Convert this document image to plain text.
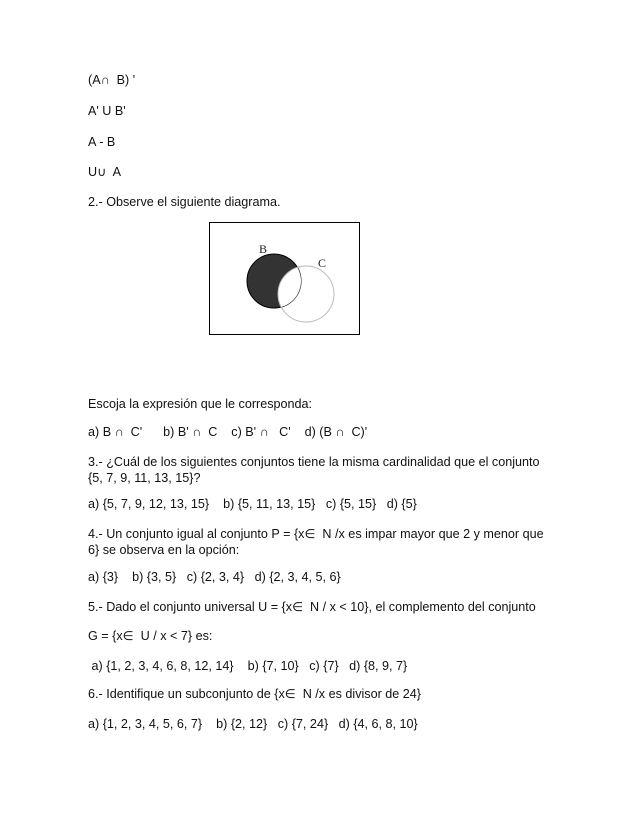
(A∩  B) '
A' U B'
A - B
U∪  A
2.- Observe el siguiente diagrama.
B
C
Escoja la expresión que le corresponda:
a) B ∩  C'      b) B' ∩  C    c) B' ∩   C'    d) (B ∩  C)'
3.- ¿Cuál de los siguientes conjuntos tiene la misma cardinalidad que el conjunto
{5, 7, 9, 11, 13, 15}?
a) {5, 7, 9, 12, 13, 15}    b) {5, 11, 13, 15}   c) {5, 15}   d) {5}
4.- Un conjunto igual al conjunto P = {x∈  N /x es impar mayor que 2 y menor que
6} se observa en la opción:
a) {3}    b) {3, 5}   c) {2, 3, 4}   d) {2, 3, 4, 5, 6}
5.- Dado el conjunto universal U = {x∈  N / x < 10}, el complemento del conjunto
G = {x∈  U / x < 7} es:
a) {1, 2, 3, 4, 6, 8, 12, 14}    b) {7, 10}   c) {7}   d) {8, 9, 7}
6.- Identifique un subconjunto de {x∈  N /x es divisor de 24}
a) {1, 2, 3, 4, 5, 6, 7}    b) {2, 12}   c) {7, 24}   d) {4, 6, 8, 10}
